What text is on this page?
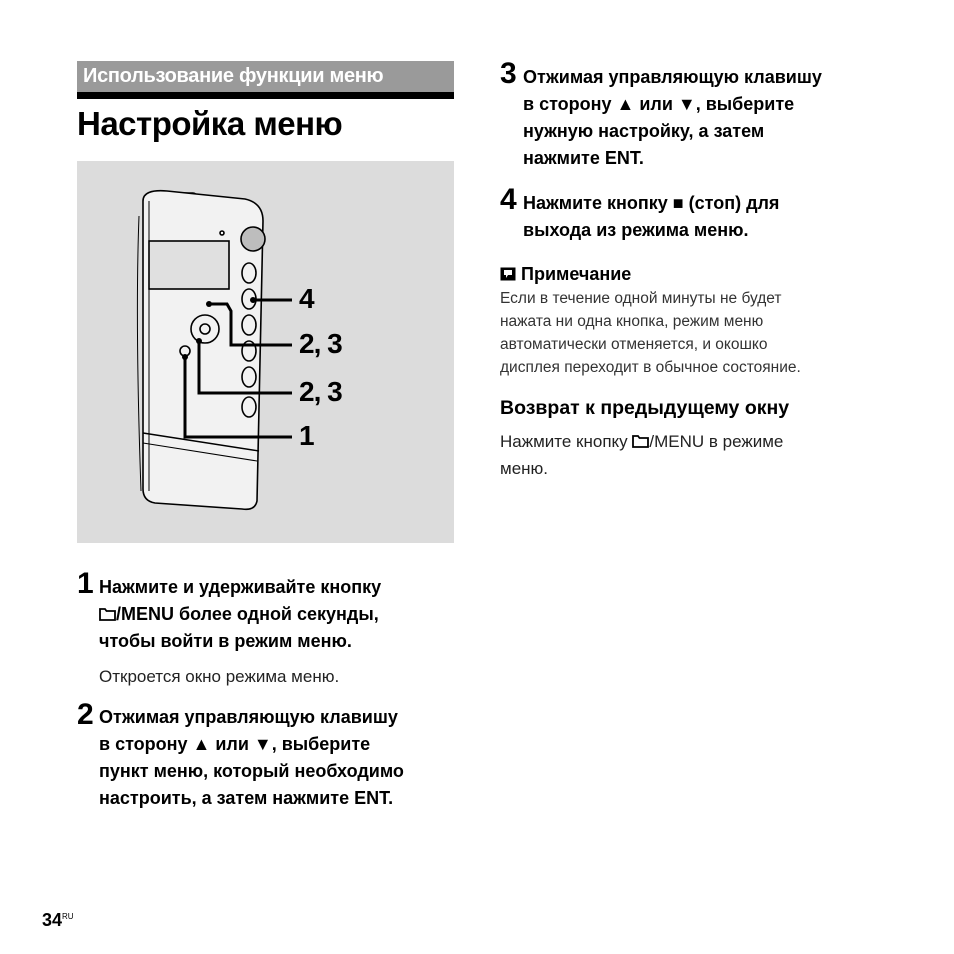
Использование функции меню
Настройка меню
4
2, 3
2, 3
1
1 Нажмите и удерживайте кнопку
/MENU более одной секунды,
чтобы войти в режим меню.
Откроется окно режима меню.
2 Отжимая управляющую клавишу
в сторону ▲ или ▼, выберите
пункт меню, который необходимо
настроить, а затем нажмите ENT.
3 Отжимая управляющую клавишу
в сторону ▲ или ▼, выберите
нужную настройку, а затем
нажмите ENT.
4 Нажмите кнопку ■ (стоп) для
выхода из режима меню.
Примечание
Если в течение одной минуты не будет
нажата ни одна кнопка, режим меню
автоматически отменяется, и окошко
дисплея переходит в обычное состояние.
Возврат к предыдущему окну
Нажмите кнопку /MENU в режиме
меню.
$34^{RU}$
